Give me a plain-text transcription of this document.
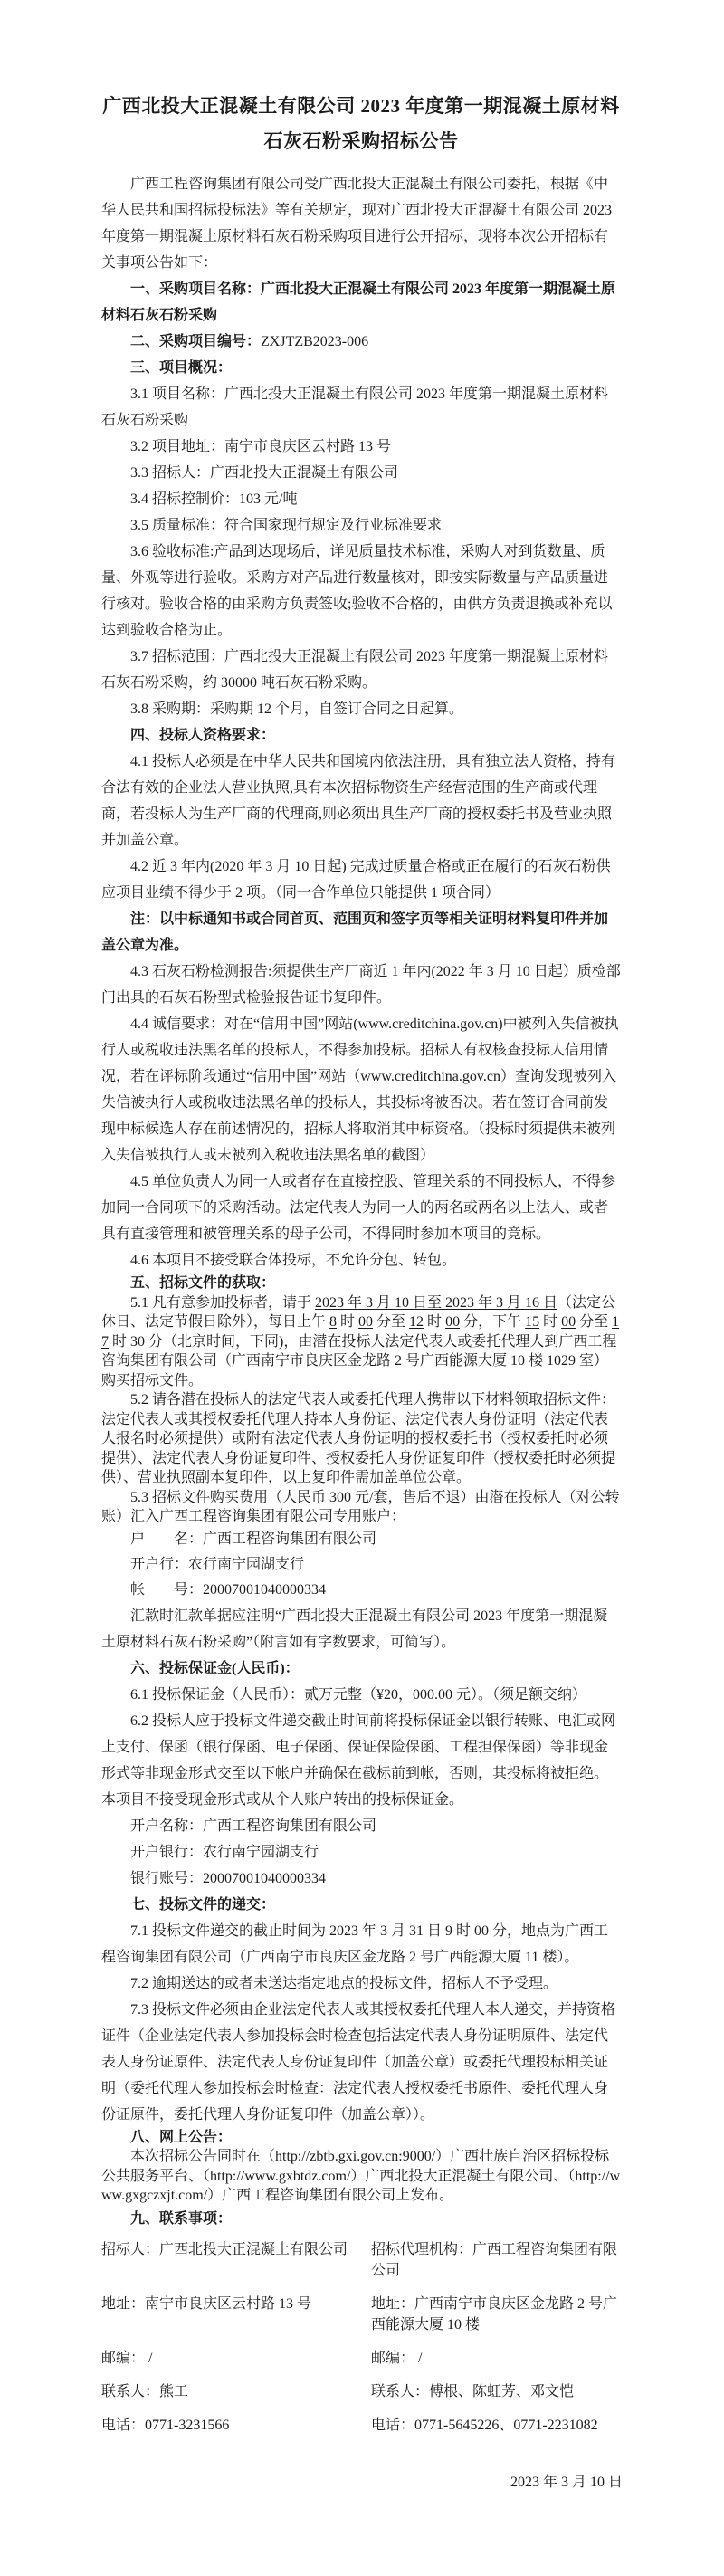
广西北投大正混凝土有限公司 2023 年度第一期混凝土原材料石灰石粉采购招标公告

广西工程咨询集团有限公司受广西北投大正混凝土有限公司委托，根据《中华人民共和国招标投标法》等有关规定，现对广西北投大正混凝土有限公司 2023 年度第一期混凝土原材料石灰石粉采购项目进行公开招标，现将本次公开招标有关事项公告如下：

一、采购项目名称：广西北投大正混凝土有限公司 2023 年度第一期混凝土原材料石灰石粉采购

二、采购项目编号：ZXJTZB2023-006

三、项目概况：

3.1 项目名称：广西北投大正混凝土有限公司 2023 年度第一期混凝土原材料石灰石粉采购

3.2 项目地址：南宁市良庆区云村路 13 号

3.3 招标人：广西北投大正混凝土有限公司

3.4 招标控制价：103 元/吨

3.5 质量标准：符合国家现行规定及行业标准要求

3.6 验收标准:产品到达现场后，详见质量技术标准，采购人对到货数量、质量、外观等进行验收。采购方对产品进行数量核对，即按实际数量与产品质量进行核对。验收合格的由采购方负责签收;验收不合格的，由供方负责退换或补充以达到验收合格为止。

3.7 招标范围：广西北投大正混凝土有限公司 2023 年度第一期混凝土原材料石灰石粉采购，约 30000 吨石灰石粉采购。

3.8 采购期：采购期 12 个月，自签订合同之日起算。

四、投标人资格要求：

4.1 投标人必须是在中华人民共和国境内依法注册，具有独立法人资格，持有合法有效的企业法人营业执照,具有本次招标物资生产经营范围的生产商或代理商，若投标人为生产厂商的代理商,则必须出具生产厂商的授权委托书及营业执照并加盖公章。

4.2 近 3 年内(2020 年 3 月 10 日起) 完成过质量合格或正在履行的石灰石粉供应项目业绩不得少于 2 项。（同一合作单位只能提供 1 项合同）

注：以中标通知书或合同首页、范围页和签字页等相关证明材料复印件并加盖公章为准。

4.3 石灰石粉检测报告:须提供生产厂商近 1 年内(2022 年 3 月 10 日起）质检部门出具的石灰石粉型式检验报告证书复印件。

4.4 诚信要求：对在“信用中国”网站(www.creditchina.gov.cn)中被列入失信被执行人或税收违法黑名单的投标人，不得参加投标。招标人有权核查投标人信用情况，若在评标阶段通过“信用中国”网站（www.creditchina.gov.cn）查询发现被列入失信被执行人或税收违法黑名单的投标人，其投标将被否决。若在签订合同前发现中标候选人存在前述情况的，招标人将取消其中标资格。（投标时须提供未被列入失信被执行人或未被列入税收违法黑名单的截图）

4.5 单位负责人为同一人或者存在直接控股、管理关系的不同投标人，不得参加同一合同项下的采购活动。法定代表人为同一人的两名或两名以上法人、或者具有直接管理和被管理关系的母子公司，不得同时参加本项目的竞标。

4.6 本项目不接受联合体投标，不允许分包、转包。

五、招标文件的获取：

5.1 凡有意参加投标者，请于 2023 年 3 月 10 日至 2023 年 3 月 16 日（法定公休日、法定节假日除外），每日上午 8 时 00 分至 12 时 00 分，下午 15 时 00 分至 17 时 30 分（北京时间，下同)，由潜在投标人法定代表人或委托代理人到广西工程咨询集团有限公司（广西南宁市良庆区金龙路 2 号广西能源大厦 10 楼 1029 室）购买招标文件。

5.2 请各潜在投标人的法定代表人或委托代理人携带以下材料领取招标文件：法定代表人或其授权委托代理人持本人身份证、法定代表人身份证明（法定代表人报名时必须提供）或附有法定代表人身份证明的授权委托书（授权委托时必须提供）、法定代表人身份证复印件、授权委托人身份证复印件（授权委托时必须提供）、营业执照副本复印件，以上复印件需加盖单位公章。

5.3 招标文件购买费用（人民币 300 元/套，售后不退）由潜在投标人（对公转账）汇入广西工程咨询集团有限公司专用账户：

户　　名：广西工程咨询集团有限公司

开户行：农行南宁园湖支行

帐　　号：20007001040000334

汇款时汇款单据应注明“广西北投大正混凝土有限公司 2023 年度第一期混凝土原材料石灰石粉采购”（附言如有字数要求，可简写）。

六、投标保证金(人民币)：

6.1 投标保证金（人民币）：贰万元整（¥20，000.00 元）。（须足额交纳）

6.2 投标人应于投标文件递交截止时间前将投标保证金以银行转账、电汇或网上支付、保函（银行保函、电子保函、保证保险保函、工程担保保函）等非现金形式等非现金形式交至以下帐户并确保在截标前到帐，否则，其投标将被拒绝。本项目不接受现金形式或从个人账户转出的投标保证金。

开户名称：广西工程咨询集团有限公司

开户银行：农行南宁园湖支行

银行账号：20007001040000334

七、投标文件的递交：

7.1 投标文件递交的截止时间为 2023 年 3 月 31 日 9 时 00 分，地点为广西工程咨询集团有限公司（广西南宁市良庆区金龙路 2 号广西能源大厦 11 楼）。

7.2 逾期送达的或者未送达指定地点的投标文件，招标人不予受理。

7.3 投标文件必须由企业法定代表人或其授权委托代理人本人递交，并持资格证件（企业法定代表人参加投标会时检查包括法定代表人身份证明原件、法定代表人身份证原件、法定代表人身份证复印件（加盖公章）或委托代理投标相关证明（委托代理人参加投标会时检查：法定代表人授权委托书原件、委托代理人身份证原件，委托代理人身份证复印件（加盖公章））。

八、网上公告：

本次招标公告同时在（http://zbtb.gxi.gov.cn:9000/）广西壮族自治区招标投标公共服务平台、（http://www.gxbtdz.com/）广西北投大正混凝土有限公司、（http://www.gxgczxjt.com/）广西工程咨询集团有限公司上发布。

九、联系事项：

招标人：广西北投大正混凝土有限公司	招标代理机构：广西工程咨询集团有限公司
地址：南宁市良庆区云村路 13 号	地址：广西南宁市良庆区金龙路 2 号广西能源大厦 10 楼
邮编： /	邮编： /
联系人：熊工	联系人：傅根、陈虹芳、邓文恺
电话：0771-3231566	电话：0771-5645226、0771-2231082
2023 年 3 月 10 日
